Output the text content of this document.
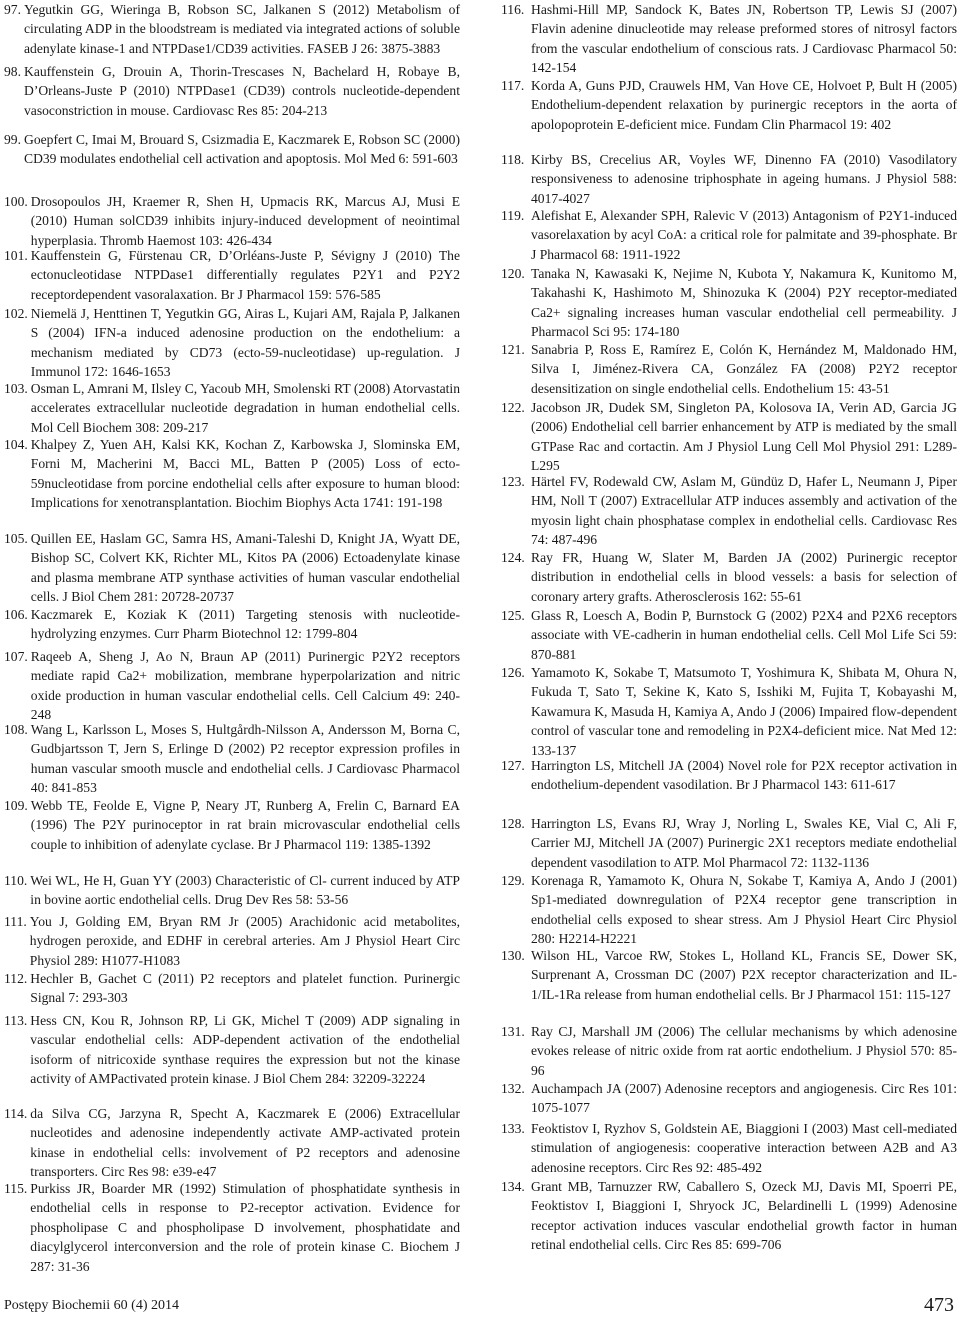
97. Yegutkin GG, Wieringa B, Robson SC, Jalkanen S (2012) Metabolism of circulating ADP in the bloodstream is mediated via integrated actions of soluble adenylate kinase-1 and NTPDase1/CD39 activities. FASEB J 26: 3875-3883
98. Kauffenstein G, Drouin A, Thorin-Trescases N, Bachelard H, Robaye B, D’Orleans-Juste P (2010) NTPDase1 (CD39) controls nucleotide-dependent vasoconstriction in mouse. Cardiovasc Res 85: 204-213
99. Goepfert C, Imai M, Brouard S, Csizmadia E, Kaczmarek E, Robson SC (2000) CD39 modulates endothelial cell activation and apoptosis. Mol Med 6: 591-603
100. Drosopoulos JH, Kraemer R, Shen H, Upmacis RK, Marcus AJ, Musi E (2010) Human solCD39 inhibits injury-induced development of neointimal hyperplasia. Thromb Haemost 103: 426-434
101. Kauffenstein G, Fürstenau CR, D’Orléans-Juste P, Sévigny J (2010) The ectonucleotidase NTPDase1 differentially regulates P2Y1 and P2Y2 receptordependent vasoralaxation. Br J Pharmacol 159: 576-585
102. Niemelä J, Henttinen T, Yegutkin GG, Airas L, Kujari AM, Rajala P, Jalkanen S (2004) IFN-a induced adenosine production on the endothelium: a mechanism mediated by CD73 (ecto-59-nucleotidase) up-regulation. J Immunol 172: 1646-1653
103. Osman L, Amrani M, Ilsley C, Yacoub MH, Smolenski RT (2008) Atorvastatin accelerates extracellular nucleotide degradation in human endothelial cells. Mol Cell Biochem 308: 209-217
104. Khalpey Z, Yuen AH, Kalsi KK, Kochan Z, Karbowska J, Slominska EM, Forni M, Macherini M, Bacci ML, Batten P (2005) Loss of ecto-59nucleotidase from porcine endothelial cells after exposure to human blood: Implications for xenotransplantation. Biochim Biophys Acta 1741: 191-198
105. Quillen EE, Haslam GC, Samra HS, Amani-Taleshi D, Knight JA, Wyatt DE, Bishop SC, Colvert KK, Richter ML, Kitos PA (2006) Ectoadenylate kinase and plasma membrane ATP synthase activities of human vascular endothelial cells. J Biol Chem 281: 20728-20737
106. Kaczmarek E, Koziak K (2011) Targeting stenosis with nucleotide-hydrolyzing enzymes. Curr Pharm Biotechnol 12: 1799-804
107. Raqeeb A, Sheng J, Ao N, Braun AP (2011) Purinergic P2Y2 receptors mediate rapid Ca2+ mobilization, membrane hyperpolarization and nitric oxide production in human vascular endothelial cells. Cell Calcium 49: 240-248
108. Wang L, Karlsson L, Moses S, Hultgårdh-Nilsson A, Andersson M, Borna C, Gudbjartsson T, Jern S, Erlinge D (2002) P2 receptor expression profiles in human vascular smooth muscle and endothelial cells. J Cardiovasc Pharmacol 40: 841-853
109. Webb TE, Feolde E, Vigne P, Neary JT, Runberg A, Frelin C, Barnard EA (1996) The P2Y purinoceptor in rat brain microvascular endothelial cells couple to inhibition of adenylate cyclase. Br J Pharmacol 119: 1385-1392
110. Wei WL, He H, Guan YY (2003) Characteristic of Cl- current induced by ATP in bovine aortic endothelial cells. Drug Dev Res 58: 53-56
111. You J, Golding EM, Bryan RM Jr (2005) Arachidonic acid metabolites, hydrogen peroxide, and EDHF in cerebral arteries. Am J Physiol Heart Circ Physiol 289: H1077-H1083
112. Hechler B, Gachet C (2011) P2 receptors and platelet function. Purinergic Signal 7: 293-303
113. Hess CN, Kou R, Johnson RP, Li GK, Michel T (2009) ADP signaling in vascular endothelial cells: ADP-dependent activation of the endothelial isoform of nitricoxide synthase requires the expression but not the kinase activity of AMPactivated protein kinase. J Biol Chem 284: 32209-32224
114. da Silva CG, Jarzyna R, Specht A, Kaczmarek E (2006) Extracellular nucleotides and adenosine independently activate AMP-activated protein kinase in endothelial cells: involvement of P2 receptors and adenosine transporters. Circ Res 98: e39-e47
115. Purkiss JR, Boarder MR (1992) Stimulation of phosphatidate synthesis in endothelial cells in response to P2-receptor activation. Evidence for phospholipase C and phospholipase D involvement, phosphatidate and diacylglycerol interconversion and the role of protein kinase C. Biochem J 287: 31-36
116. Hashmi-Hill MP, Sandock K, Bates JN, Robertson TP, Lewis SJ (2007) Flavin adenine dinucleotide may release preformed stores of nitrosyl factors from the vascular endothelium of conscious rats. J Cardiovasc Pharmacol 50: 142-154
117. Korda A, Guns PJD, Crauwels HM, Van Hove CE, Holvoet P, Bult H (2005) Endothelium-dependent relaxation by purinergic receptors in the aorta of apolopoprotein E-deficient mice. Fundam Clin Pharmacol 19: 402
118. Kirby BS, Crecelius AR, Voyles WF, Dinenno FA (2010) Vasodilatory responsiveness to adenosine triphosphate in ageing humans. J Physiol 588: 4017-4027
119. Alefishat E, Alexander SPH, Ralevic V (2013) Antagonism of P2Y1-induced vasorelaxation by acyl CoA: a critical role for palmitate and 39-phosphate. Br J Pharmacol 68: 1911-1922
120. Tanaka N, Kawasaki K, Nejime N, Kubota Y, Nakamura K, Kunitomo M, Takahashi K, Hashimoto M, Shinozuka K (2004) P2Y receptor-mediated Ca2+ signaling increases human vascular endothelial cell permeability. J Pharmacol Sci 95: 174-180
121. Sanabria P, Ross E, Ramírez E, Colón K, Hernández M, Maldonado HM, Silva I, Jiménez-Rivera CA, González FA (2008) P2Y2 receptor desensitization on single endothelial cells. Endothelium 15: 43-51
122. Jacobson JR, Dudek SM, Singleton PA, Kolosova IA, Verin AD, Garcia JG (2006) Endothelial cell barrier enhancement by ATP is mediated by the small GTPase Rac and cortactin. Am J Physiol Lung Cell Mol Physiol 291: L289-L295
123. Härtel FV, Rodewald CW, Aslam M, Gündüz D, Hafer L, Neumann J, Piper HM, Noll T (2007) Extracellular ATP induces assembly and activation of the myosin light chain phosphatase complex in endothelial cells. Cardiovasc Res 74: 487-496
124. Ray FR, Huang W, Slater M, Barden JA (2002) Purinergic receptor distribution in endothelial cells in blood vessels: a basis for selection of coronary artery grafts. Atherosclerosis 162: 55-61
125. Glass R, Loesch A, Bodin P, Burnstock G (2002) P2X4 and P2X6 receptors associate with VE-cadherin in human endothelial cells. Cell Mol Life Sci 59: 870-881
126. Yamamoto K, Sokabe T, Matsumoto T, Yoshimura K, Shibata M, Ohura N, Fukuda T, Sato T, Sekine K, Kato S, Isshiki M, Fujita T, Kobayashi M, Kawamura K, Masuda H, Kamiya A, Ando J (2006) Impaired flow-dependent control of vascular tone and remodeling in P2X4-deficient mice. Nat Med 12: 133-137
127. Harrington LS, Mitchell JA (2004) Novel role for P2X receptor activation in endothelium-dependent vasodilation. Br J Pharmacol 143: 611-617
128. Harrington LS, Evans RJ, Wray J, Norling L, Swales KE, Vial C, Ali F, Carrier MJ, Mitchell JA (2007) Purinergic 2X1 receptors mediate endothelial dependent vasodilation to ATP. Mol Pharmacol 72: 1132-1136
129. Korenaga R, Yamamoto K, Ohura N, Sokabe T, Kamiya A, Ando J (2001) Sp1-mediated downregulation of P2X4 receptor gene transcription in endothelial cells exposed to shear stress. Am J Physiol Heart Circ Physiol 280: H2214-H2221
130. Wilson HL, Varcoe RW, Stokes L, Holland KL, Francis SE, Dower SK, Surprenant A, Crossman DC (2007) P2X receptor characterization and IL-1/IL-1Ra release from human endothelial cells. Br J Pharmacol 151: 115-127
131. Ray CJ, Marshall JM (2006) The cellular mechanisms by which adenosine evokes release of nitric oxide from rat aortic endothelium. J Physiol 570: 85-96
132. Auchampach JA (2007) Adenosine receptors and angiogenesis. Circ Res 101: 1075-1077
133. Feoktistov I, Ryzhov S, Goldstein AE, Biaggioni I (2003) Mast cell-mediated stimulation of angiogenesis: cooperative interaction between A2B and A3 adenosine receptors. Circ Res 92: 485-492
134. Grant MB, Tarnuzzer RW, Caballero S, Ozeck MJ, Davis MI, Spoerri PE, Feoktistov I, Biaggioni I, Shryock JC, Belardinelli L (1999) Adenosine receptor activation induces vascular endothelial growth factor in human retinal endothelial cells. Circ Res 85: 699-706
Postępy Biochemii 60 (4) 2014	473
